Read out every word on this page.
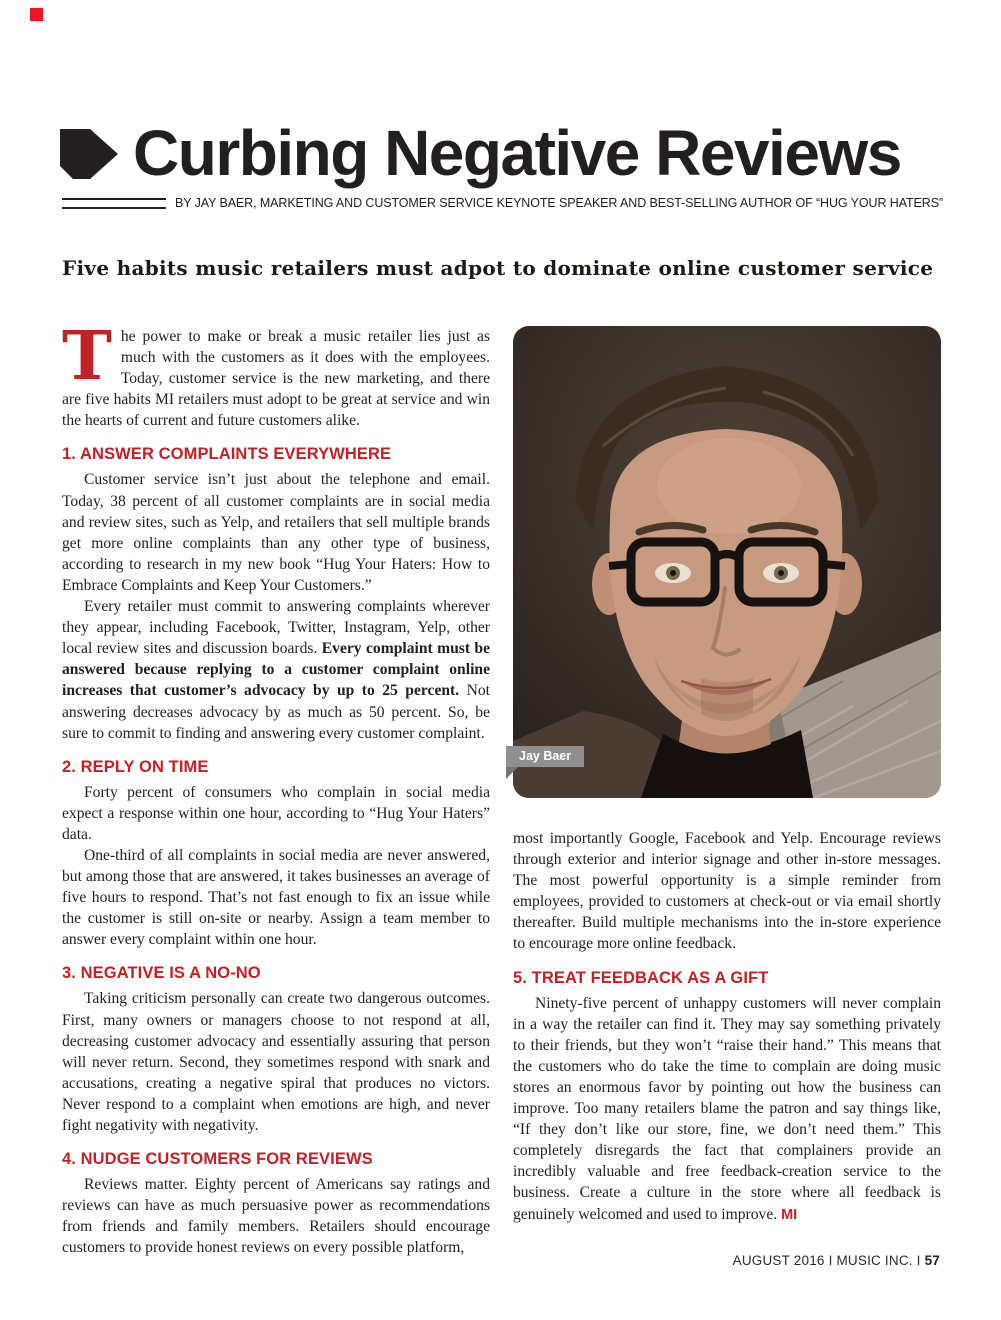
Curbing Negative Reviews
BY JAY BAER, MARKETING AND CUSTOMER SERVICE KEYNOTE SPEAKER AND BEST-SELLING AUTHOR OF “HUG YOUR HATERS”
Five habits music retailers must adpot to dominate online customer service

The power to make or break a music retailer lies just as much with the customers as it does with the employees. Today, customer service is the new marketing, and there are five habits MI retailers must adopt to be great at service and win the hearts of current and future customers alike.

1. ANSWER COMPLAINTS EVERYWHERE

Customer service isn’t just about the telephone and email. Today, 38 percent of all customer complaints are in social media and review sites, such as Yelp, and retailers that sell multiple brands get more online complaints than any other type of business, according to research in my new book “Hug Your Haters: How to Embrace Complaints and Keep Your Customers.”

Every retailer must commit to answering complaints wherever they appear, including Facebook, Twitter, Instagram, Yelp, other local review sites and discussion boards. Every complaint must be answered because replying to a customer complaint online increases that customer’s advocacy by up to 25 percent. Not answering decreases advocacy by as much as 50 percent. So, be sure to commit to finding and answering every customer complaint.

2. REPLY ON TIME

Forty percent of consumers who complain in social media expect a response within one hour, according to “Hug Your Haters” data.

One-third of all complaints in social media are never answered, but among those that are answered, it takes businesses an average of five hours to respond. That’s not fast enough to fix an issue while the customer is still on-site or nearby. Assign a team member to answer every complaint within one hour.

3. NEGATIVE IS A NO-NO

Taking criticism personally can create two dangerous outcomes. First, many owners or managers choose to not respond at all, decreasing customer advocacy and essentially assuring that person will never return. Second, they sometimes respond with snark and accusations, creating a negative spiral that produces no victors. Never respond to a complaint when emotions are high, and never fight negativity with negativity.

4. NUDGE CUSTOMERS FOR REVIEWS

Reviews matter. Eighty percent of Americans say ratings and reviews can have as much persuasive power as recommendations from friends and family members. Retailers should encourage customers to provide honest reviews on every possible platform,

Jay Baer

most importantly Google, Facebook and Yelp. Encourage reviews through exterior and interior signage and other in-store messages. The most powerful opportunity is a simple reminder from employees, provided to customers at check-out or via email shortly thereafter. Build multiple mechanisms into the in-store experience to encourage more online feedback.

5. TREAT FEEDBACK AS A GIFT

Ninety-five percent of unhappy customers will never complain in a way the retailer can find it. They may say something privately to their friends, but they won’t “raise their hand.” This means that the customers who do take the time to complain are doing music stores an enormous favor by pointing out how the business can improve. Too many retailers blame the patron and say things like, “If they don’t like our store, fine, we don’t need them.” This completely disregards the fact that complainers provide an incredibly valuable and free feedback-creation service to the business. Create a culture in the store where all feedback is genuinely welcomed and used to improve. MI

AUGUST 2016 I MUSIC INC. I 57
